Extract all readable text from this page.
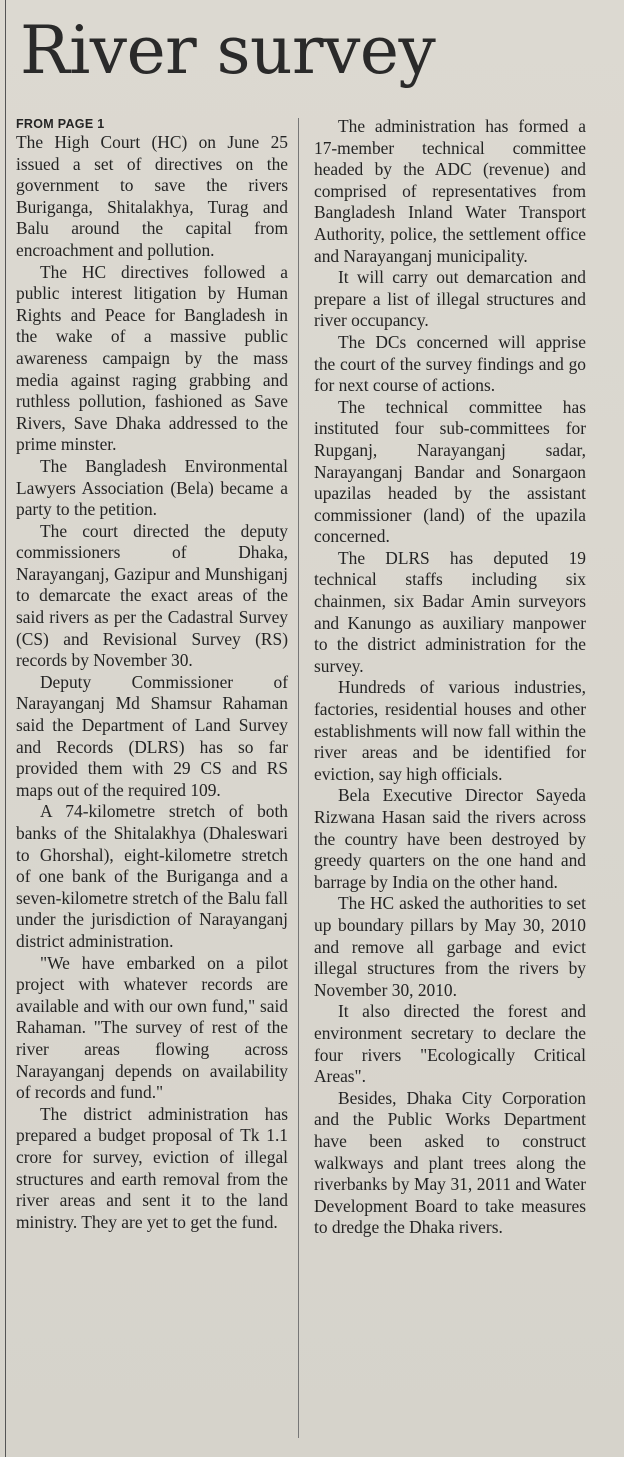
River survey
FROM PAGE 1

The High Court (HC) on June 25 issued a set of directives on the government to save the rivers Buriganga, Shitalakhya, Turag and Balu around the capital from encroachment and pollution.

The HC directives followed a public interest litigation by Human Rights and Peace for Bangladesh in the wake of a massive public awareness campaign by the mass media against raging grabbing and ruthless pollution, fashioned as Save Rivers, Save Dhaka addressed to the prime minster.

The Bangladesh Environmental Lawyers Association (Bela) became a party to the petition.

The court directed the deputy commissioners of Dhaka, Narayanganj, Gazipur and Munshiganj to demarcate the exact areas of the said rivers as per the Cadastral Survey (CS) and Revisional Survey (RS) records by November 30.

Deputy Commissioner of Narayanganj Md Shamsur Rahaman said the Department of Land Survey and Records (DLRS) has so far provided them with 29 CS and RS maps out of the required 109.

A 74-kilometre stretch of both banks of the Shitalakhya (Dhaleswari to Ghorshal), eight-kilometre stretch of one bank of the Buriganga and a seven-kilometre stretch of the Balu fall under the jurisdiction of Narayanganj district administration.

"We have embarked on a pilot project with whatever records are available and with our own fund," said Rahaman. "The survey of rest of the river areas flowing across Narayanganj depends on availability of records and fund."

The district administration has prepared a budget proposal of Tk 1.1 crore for survey, eviction of illegal structures and earth removal from the river areas and sent it to the land ministry. They are yet to get the fund.

The administration has formed a 17-member technical committee headed by the ADC (revenue) and comprised of representatives from Bangladesh Inland Water Transport Authority, police, the settlement office and Narayanganj municipality.

It will carry out demarcation and prepare a list of illegal structures and river occupancy.

The DCs concerned will apprise the court of the survey findings and go for next course of actions.

The technical committee has instituted four sub-committees for Rupganj, Narayanganj sadar, Narayanganj Bandar and Sonargaon upazilas headed by the assistant commissioner (land) of the upazila concerned.

The DLRS has deputed 19 technical staffs including six chainmen, six Badar Amin surveyors and Kanungo as auxiliary manpower to the district administration for the survey.

Hundreds of various industries, factories, residential houses and other establishments will now fall within the river areas and be identified for eviction, say high officials.

Bela Executive Director Sayeda Rizwana Hasan said the rivers across the country have been destroyed by greedy quarters on the one hand and barrage by India on the other hand.

The HC asked the authorities to set up boundary pillars by May 30, 2010 and remove all garbage and evict illegal structures from the rivers by November 30, 2010.

It also directed the forest and environment secretary to declare the four rivers "Ecologically Critical Areas".

Besides, Dhaka City Corporation and the Public Works Department have been asked to construct walkways and plant trees along the riverbanks by May 31, 2011 and Water Development Board to take measures to dredge the Dhaka rivers.
